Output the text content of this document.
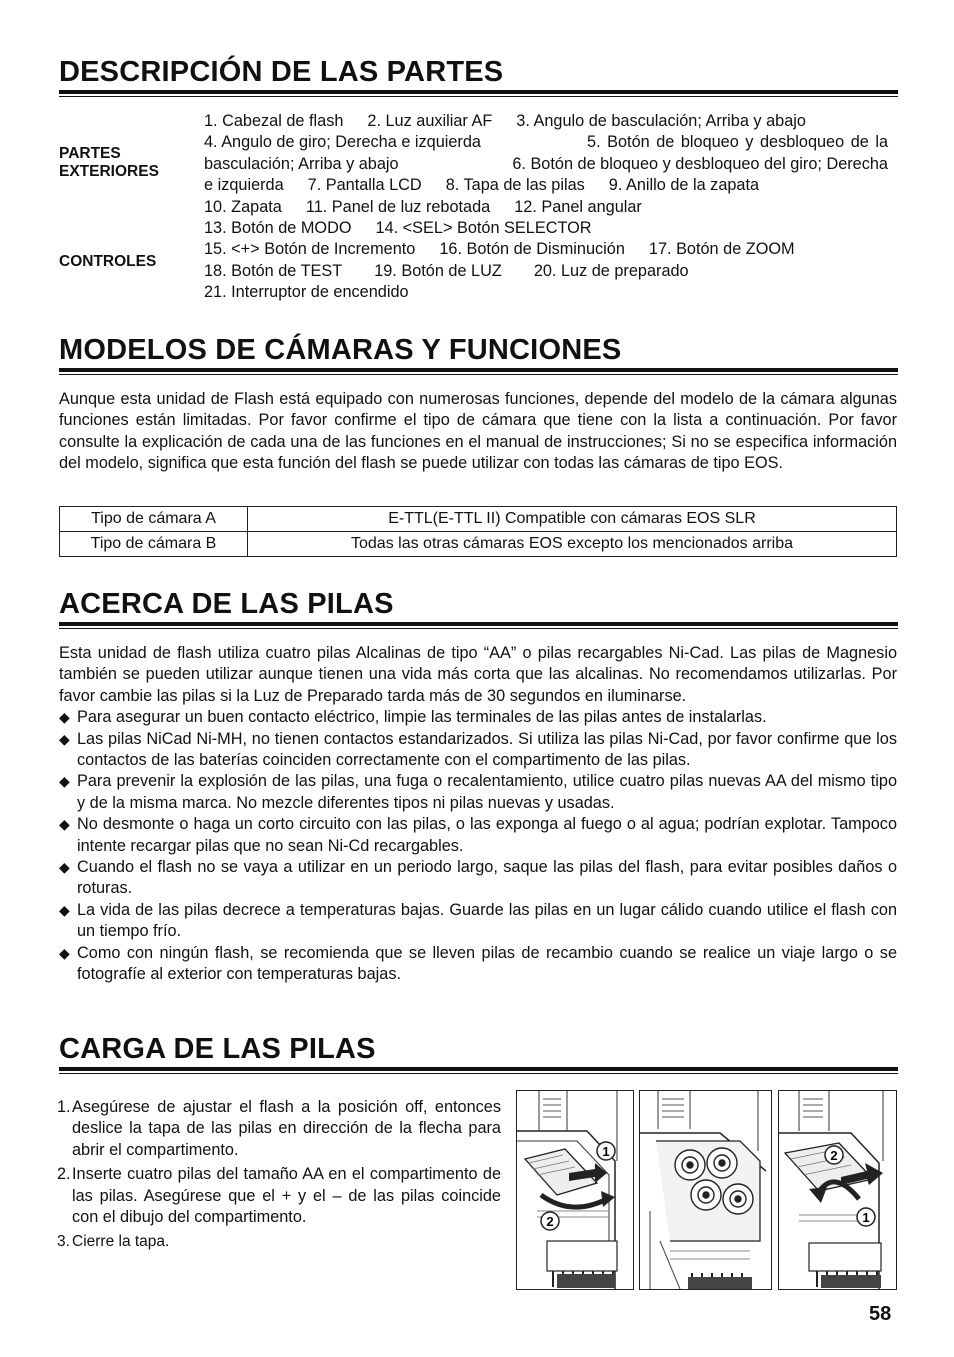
DESCRIPCIÓN DE LAS PARTES
PARTES
EXTERIORES
1. Cabezal de flash 2. Luz auxiliar AF 3. Angulo de basculación; Arriba y abajo
4. Angulo de giro; Derecha e izquierda	5. Botón de bloqueo y desbloqueo de la
basculación; Arriba y abajo	6. Botón de bloqueo y desbloqueo del giro; Derecha
e izquierda 7. Pantalla LCD 8. Tapa de las pilas 9. Anillo de la zapata
10. Zapata 11. Panel de luz rebotada 12. Panel angular
CONTROLES
13. Botón de MODO 14. <SEL> Botón SELECTOR
15. <+> Botón de Incremento 16. Botón de Disminución 17. Botón de ZOOM
18. Botón de TEST 19. Botón de LUZ 20. Luz de preparado
21. Interruptor de encendido
MODELOS DE CÁMARAS Y FUNCIONES
Aunque esta unidad de Flash está equipado con numerosas funciones, depende del modelo de la cámara algunas funciones están limitadas. Por favor confirme el tipo de cámara que tiene con la lista a continuación. Por favor consulte la explicación de cada una de las funciones en el manual de instrucciones; Si no se especifica información del modelo, significa que esta función del flash se puede utilizar con todas las cámaras de tipo EOS.
Tipo de cámara A	E-TTL(E-TTL II) Compatible con cámaras EOS SLR
Tipo de cámara B	Todas las otras cámaras EOS excepto los mencionados arriba
ACERCA DE LAS PILAS
Esta unidad de flash utiliza cuatro pilas Alcalinas de tipo “AA” o pilas recargables Ni-Cad. Las pilas de Magnesio también se pueden utilizar aunque tienen una vida más corta que las alcalinas. No recomendamos utilizarlas. Por favor cambie las pilas si la Luz de Preparado tarda más de 30 segundos en iluminarse.
◆ Para asegurar un buen contacto eléctrico, limpie las terminales de las pilas antes de instalarlas.
◆ Las pilas NiCad Ni-MH, no tienen contactos estandarizados. Si utiliza las pilas Ni-Cad, por favor confirme que los contactos de las baterías coinciden correctamente con el compartimento de las pilas.
◆ Para prevenir la explosión de las pilas, una fuga o recalentamiento, utilice cuatro pilas nuevas AA del mismo tipo y de la misma marca. No mezcle diferentes tipos ni pilas nuevas y usadas.
◆ No desmonte o haga un corto circuito con las pilas, o las exponga al fuego o al agua; podrían explotar. Tampoco intente recargar pilas que no sean Ni-Cd recargables.
◆ Cuando el flash no se vaya a utilizar en un periodo largo, saque las pilas del flash, para evitar posibles daños o roturas.
◆ La vida de las pilas decrece a temperaturas bajas. Guarde las pilas en un lugar cálido cuando utilice el flash con un tiempo frío.
◆ Como con ningún flash, se recomienda que se lleven pilas de recambio cuando se realice un viaje largo o se fotografíe al exterior con temperaturas bajas.
CARGA DE LAS PILAS
1. Asegúrese de ajustar el flash a la posición off, entonces deslice la tapa de las pilas en dirección de la flecha para abrir el compartimento.
2. Inserte cuatro pilas del tamaño AA en el compartimento de las pilas. Asegúrese que el + y el – de las pilas coincide con el dibujo del compartimento.
3. Cierre la tapa.
1
2
2
1
58
